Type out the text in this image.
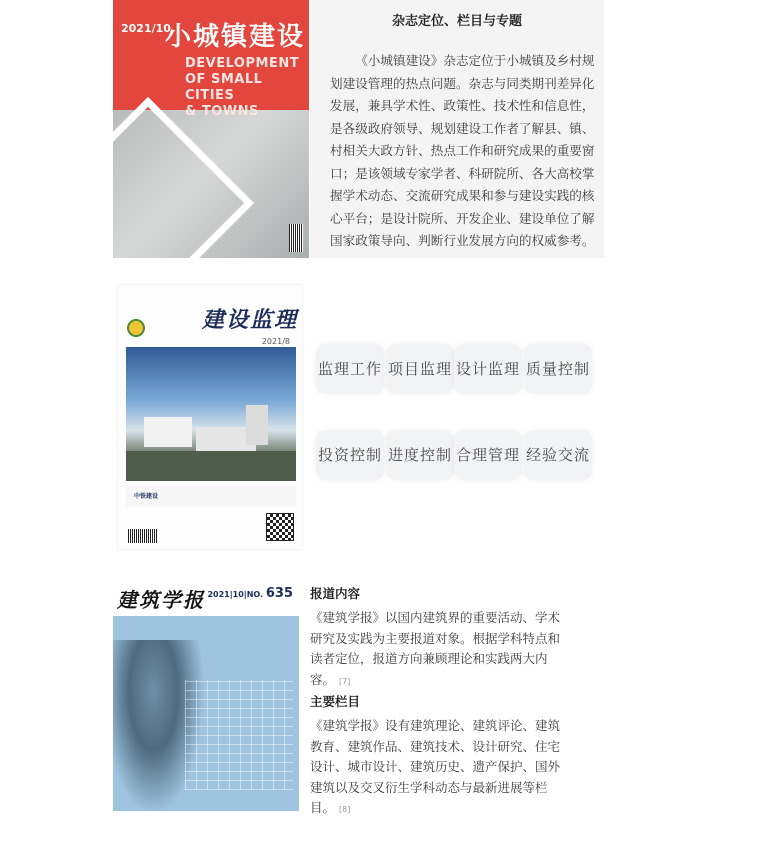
2021/10
小城镇建设
DEVELOPMENT
OF SMALL CITIES
& TOWNS
杂志定位、栏目与专题

《小城镇建设》杂志定位于小城镇及乡村规划建设管理的热点问题。杂志与同类期刊差异化发展，兼具学术性、政策性、技术性和信息性，是各级政府领导、规划建设工作者了解县、镇、村相关大政方针、热点工作和研究成果的重要窗口；是该领域专家学者、科研院所、各大高校掌握学术动态、交流研究成果和参与建设实践的核心平台；是设计院所、开发企业、建设单位了解国家政策导向、判断行业发展方向的权威参考。

建设监理
2021/8
中铁建设
监理工作 项目监理 设计监理 质量控制
投资控制 进度控制 合理管理 经验交流
建筑学报 2021|10|NO. 635 报道内容

《建筑学报》以国内建筑界的重要活动、学术研究及实践为主要报道对象。根据学科特点和读者定位，报道方向兼顾理论和实践两大内容。 [7]

主要栏目

《建筑学报》设有建筑理论、建筑评论、建筑教育、建筑作品、建筑技术、设计研究、住宅设计、城市设计、建筑历史、遗产保护、国外建筑以及交叉衍生学科动态与最新进展等栏目。 [8]
